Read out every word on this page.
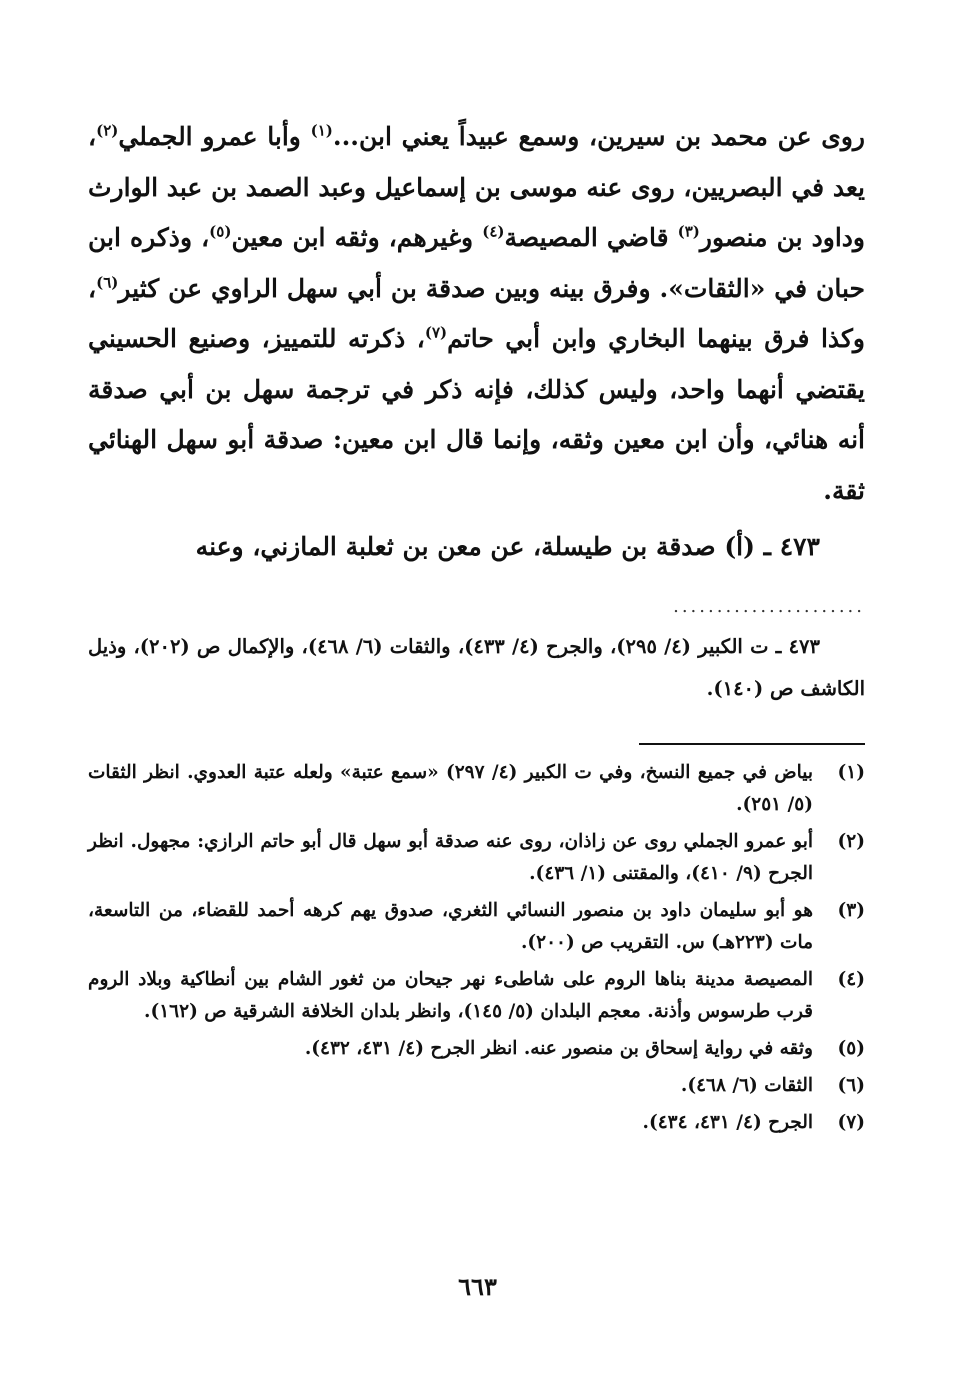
روى عن محمد بن سيرين، وسمع عبيداً يعني ابن...$^{(١)}$ وأبا عمرو الجملي$^{(٢)}$، يعد في البصريين، روى عنه موسى بن إسماعيل وعبد الصمد بن عبد الوارث وداود بن منصور$^{(٣)}$ قاضي المصيصة$^{(٤)}$ وغيرهم، وثقه ابن معين$^{(٥)}$، وذكره ابن حبان في «الثقات». وفرق بينه وبين صدقة بن أبي سهل الراوي عن كثير$^{(٦)}$، وكذا فرق بينهما البخاري وابن أبي حاتم$^{(٧)}$، ذكرته للتمييز، وصنيع الحسيني يقتضي أنهما واحد، وليس كذلك، فإنه ذكر في ترجمة سهل بن أبي صدقة أنه هنائي، وأن ابن معين وثقه، وإنما قال ابن معين: صدقة أبو سهل الهنائي ثقة.

٤٧٣ ـ (أ) صدقة بن طيسلة، عن معن بن ثعلبة المازني، وعنه
......................
٤٧٣ ـ ت الكبير (٤/ ٢٩٥)، والجرح (٤/ ٤٣٣)، والثقات (٦/ ٤٦٨)، والإكمال ص (٢٠٢)، وذيل الكاشف ص (١٤٠).
(١)
بياض في جميع النسخ، وفي ت الكبير (٤/ ٢٩٧) «سمع عتبة» ولعله عتبة العدوي. انظر الثقات (٥/ ٢٥١).
(٢)
أبو عمرو الجملي روى عن زاذان، روى عنه صدقة أبو سهل قال أبو حاتم الرازي: مجهول. انظر الجرح (٩/ ٤١٠)، والمقتنى (١/ ٤٣٦).
(٣)
هو أبو سليمان داود بن منصور النسائي الثغري، صدوق يهم كرهه أحمد للقضاء، من التاسعة، مات (٢٢٣هـ) س. التقريب ص (٢٠٠).
(٤)
المصيصة مدينة بناها الروم على شاطىء نهر جيحان من ثغور الشام بين أنطاكية وبلاد الروم قرب طرسوس وأذنة. معجم البلدان (٥/ ١٤٥)، وانظر بلدان الخلافة الشرقية ص (١٦٢).
(٥)
وثقه في رواية إسحاق بن منصور عنه. انظر الجرح (٤/ ٤٣١، ٤٣٢).
(٦)
الثقات (٦/ ٤٦٨).
(٧)
الجرح (٤/ ٤٣١، ٤٣٤).
٦٦٣
